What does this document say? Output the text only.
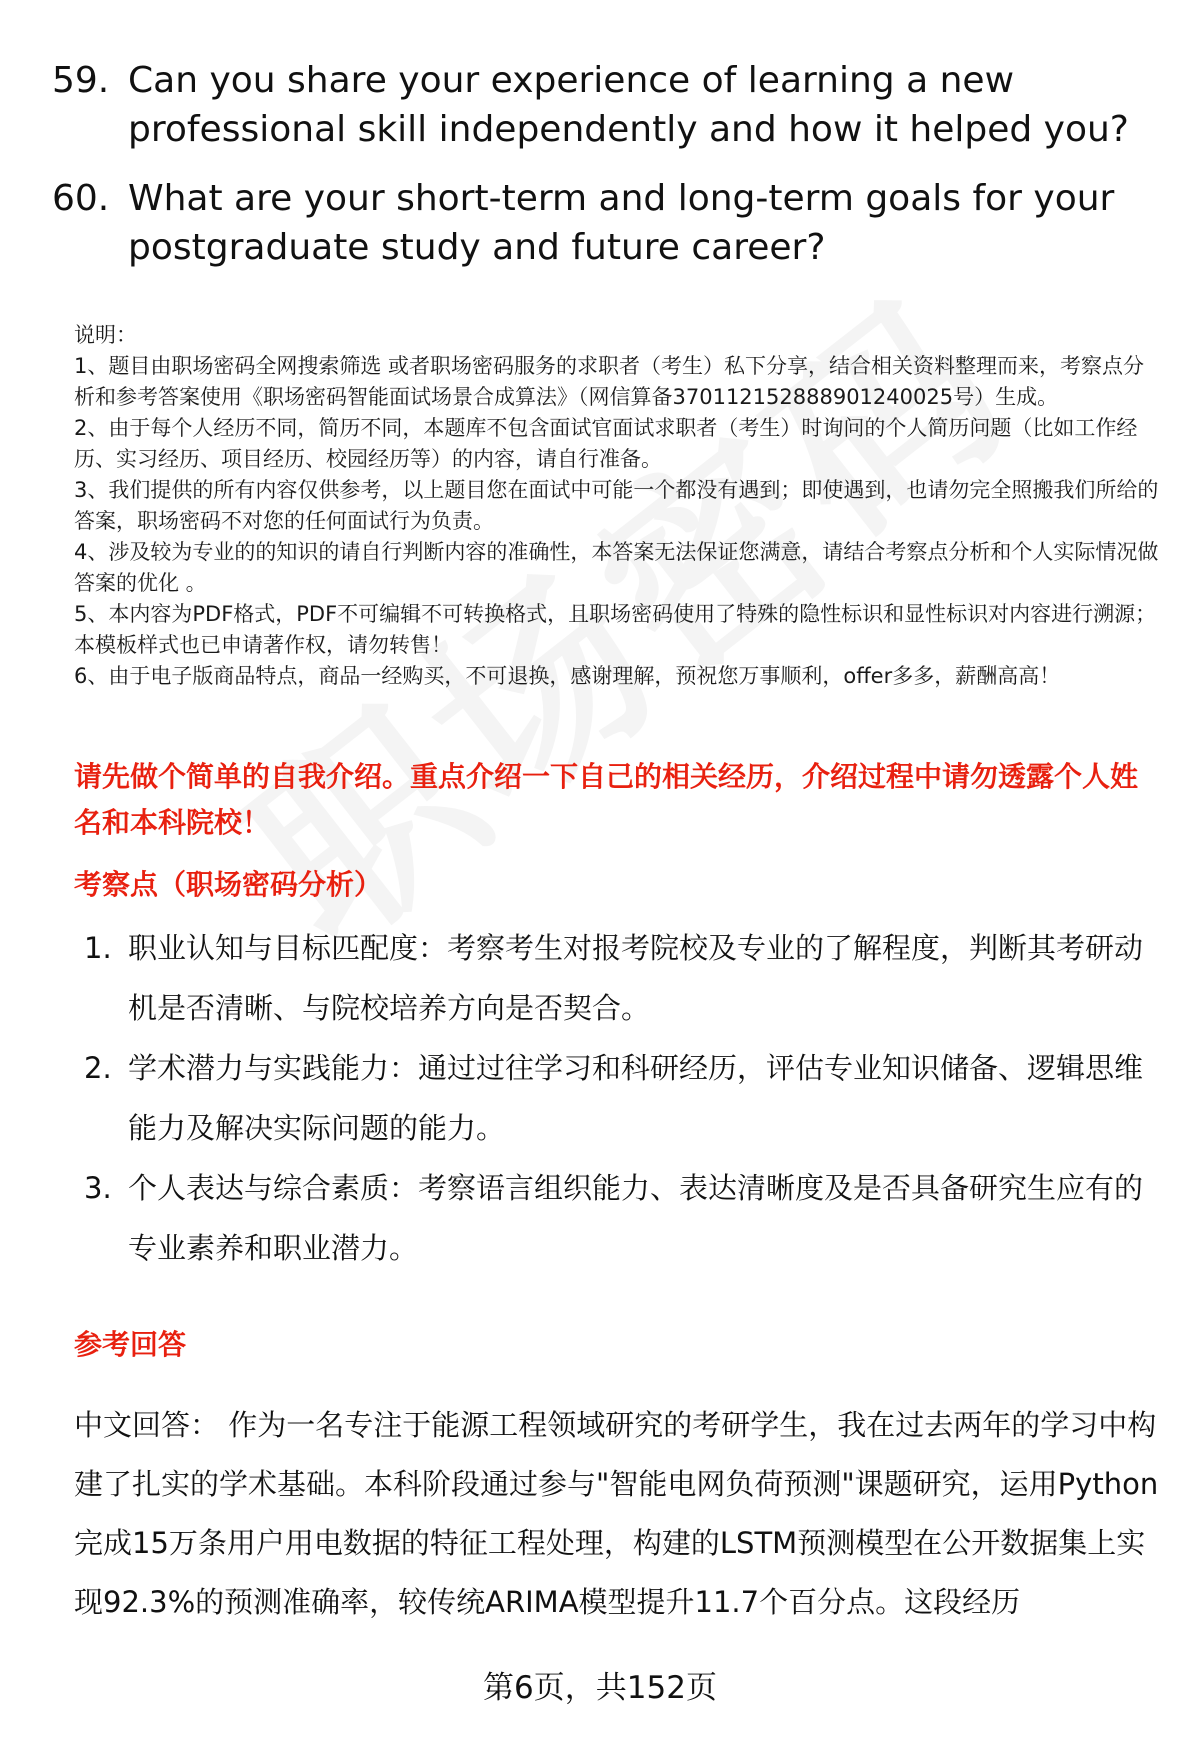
59. Can you share your experience of learning a new professional skill independently and how it helped you?
60. What are your short-term and long-term goals for your postgraduate study and future career?
说明：
1、题目由职场密码全网搜索筛选 或者职场密码服务的求职者（考生）私下分享，结合相关资料整理而来，考察点分析和参考答案使用《职场密码智能面试场景合成算法》（网信算备370112152888901240025号）生成。
2、由于每个人经历不同，简历不同，本题库不包含面试官面试求职者（考生）时询问的个人简历问题（比如工作经历、实习经历、项目经历、校园经历等）的内容，请自行准备。
3、我们提供的所有内容仅供参考，以上题目您在面试中可能一个都没有遇到；即使遇到，也请勿完全照搬我们所给的答案，职场密码不对您的任何面试行为负责。
4、涉及较为专业的的知识的请自行判断内容的准确性，本答案无法保证您满意，请结合考察点分析和个人实际情况做答案的优化 。
5、本内容为PDF格式，PDF不可编辑不可转换格式，且职场密码使用了特殊的隐性标识和显性标识对内容进行溯源；本模板样式也已申请著作权，请勿转售！
6、由于电子版商品特点，商品一经购买，不可退换，感谢理解，预祝您万事顺利，offer多多，薪酬高高！
请先做个简单的自我介绍。重点介绍一下自己的相关经历，介绍过程中请勿透露个人姓名和本科院校！
考察点（职场密码分析）
1. 职业认知与目标匹配度：考察考生对报考院校及专业的了解程度，判断其考研动机是否清晰、与院校培养方向是否契合。
2. 学术潜力与实践能力：通过过往学习和科研经历，评估专业知识储备、逻辑思维能力及解决实际问题的能力。
3. 个人表达与综合素质：考察语言组织能力、表达清晰度及是否具备研究生应有的专业素养和职业潜力。
参考回答
中文回答： 作为一名专注于能源工程领域研究的考研学生，我在过去两年的学习中构建了扎实的学术基础。本科阶段通过参与"智能电网负荷预测"课题研究，运用Python完成15万条用户用电数据的特征工程处理，构建的LSTM预测模型在公开数据集上实现92.3%的预测准确率，较传统ARIMA模型提升11.7个百分点。这段经历
第6页，共152页
